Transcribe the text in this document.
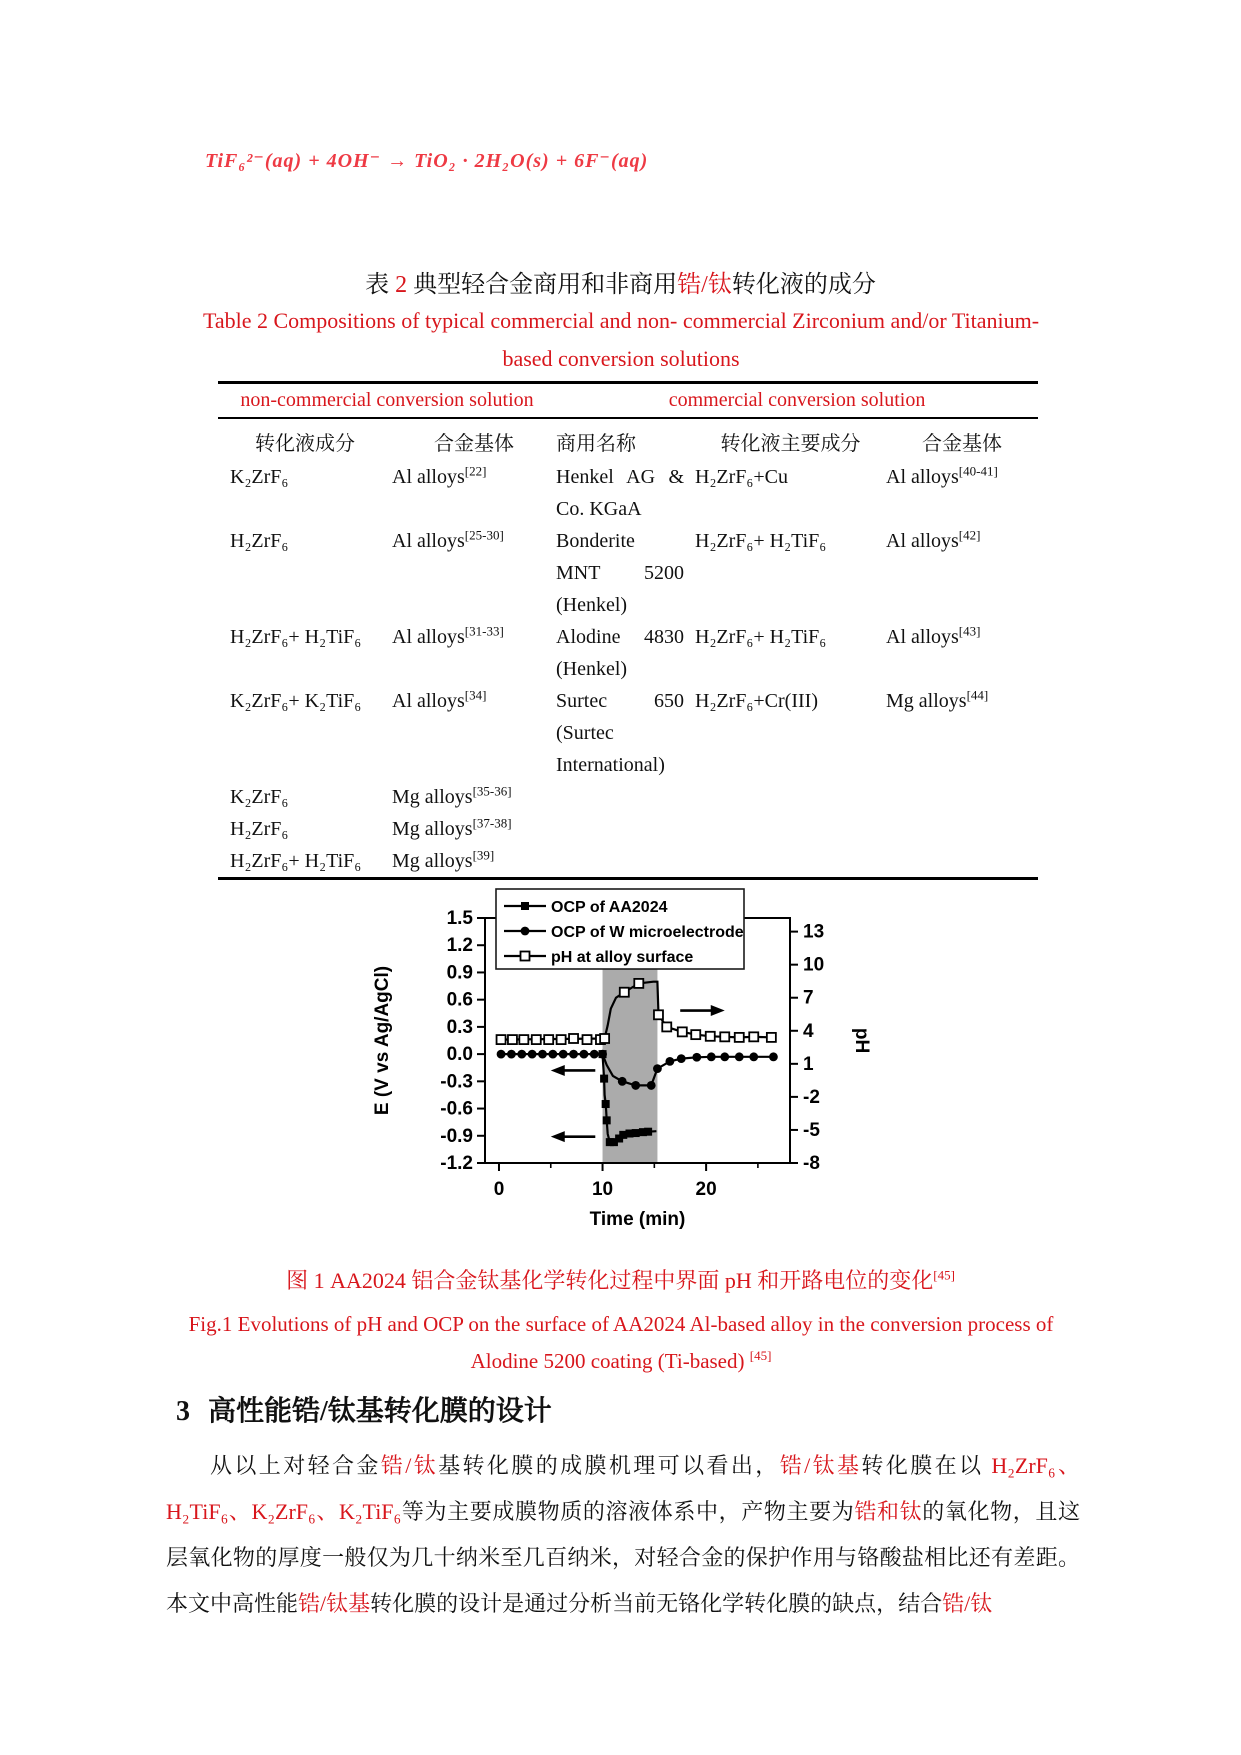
TiF₆²⁻(aq) + 4OH⁻ → TiO₂ · 2H₂O(s) + 6F⁻(aq)
表 2 典型轻合金商用和非商用锆/钛转化液的成分
Table 2 Compositions of typical commercial and non- commercial Zirconium and/or Titanium-based conversion solutions
non-commercial conversion solution		commercial conversion solution		
转化液成分	合金基体	商用名称	转化液主要成分	合金基体
K₂ZrF₆	Al alloys[22]	Henkel AG & Co. KGaA	H₂ZrF₆+Cu	Al alloys[40-41]
H₂ZrF₆	Al alloys[25-30]	Bonderite MNT 5200 (Henkel)	H₂ZrF₆+ H₂TiF₆	Al alloys[42]
H₂ZrF₆+ H₂TiF₆	Al alloys[31-33]	Alodine 4830 (Henkel)	H₂ZrF₆+ H₂TiF₆	Al alloys[43]
K₂ZrF₆+ K₂TiF₆	Al alloys[34]	Surtec 650 (Surtec International)	H₂ZrF₆+Cr(III)	Mg alloys[44]
K₂ZrF₆	Mg alloys[35-36]			
H₂ZrF₆	Mg alloys[37-38]			
H₂ZrF₆+ H₂TiF₆	Mg alloys[39]			
0	10	20
1.5
1.2
0.9
0.6
0.3
0.0
-0.3
-0.6
-0.9
-1.2
13
10
7
4
1
-2
-5
-8
OCP of AA2024
OCP of W microelectrode
pH at alloy surface
E (V vs Ag/AgCl)	pH
Time (min)
图 1 AA2024 铝合金钛基化学转化过程中界面 pH 和开路电位的变化[45]
Fig.1 Evolutions of pH and OCP on the surface of AA2024 Al-based alloy in the conversion process of Alodine 5200 coating (Ti-based) [45]
3 高性能锆/钛基转化膜的设计
从以上对轻合金锆/钛基转化膜的成膜机理可以看出，锆/钛基转化膜在以 H₂ZrF₆、H₂TiF₆、K₂ZrF₆、K₂TiF₆等为主要成膜物质的溶液体系中，产物主要为锆和钛的氧化物，且这层氧化物的厚度一般仅为几十纳米至几百纳米，对轻合金的保护作用与铬酸盐相比还有差距。本文中高性能锆/钛基转化膜的设计是通过分析当前无铬化学转化膜的缺点，结合锆/钛
